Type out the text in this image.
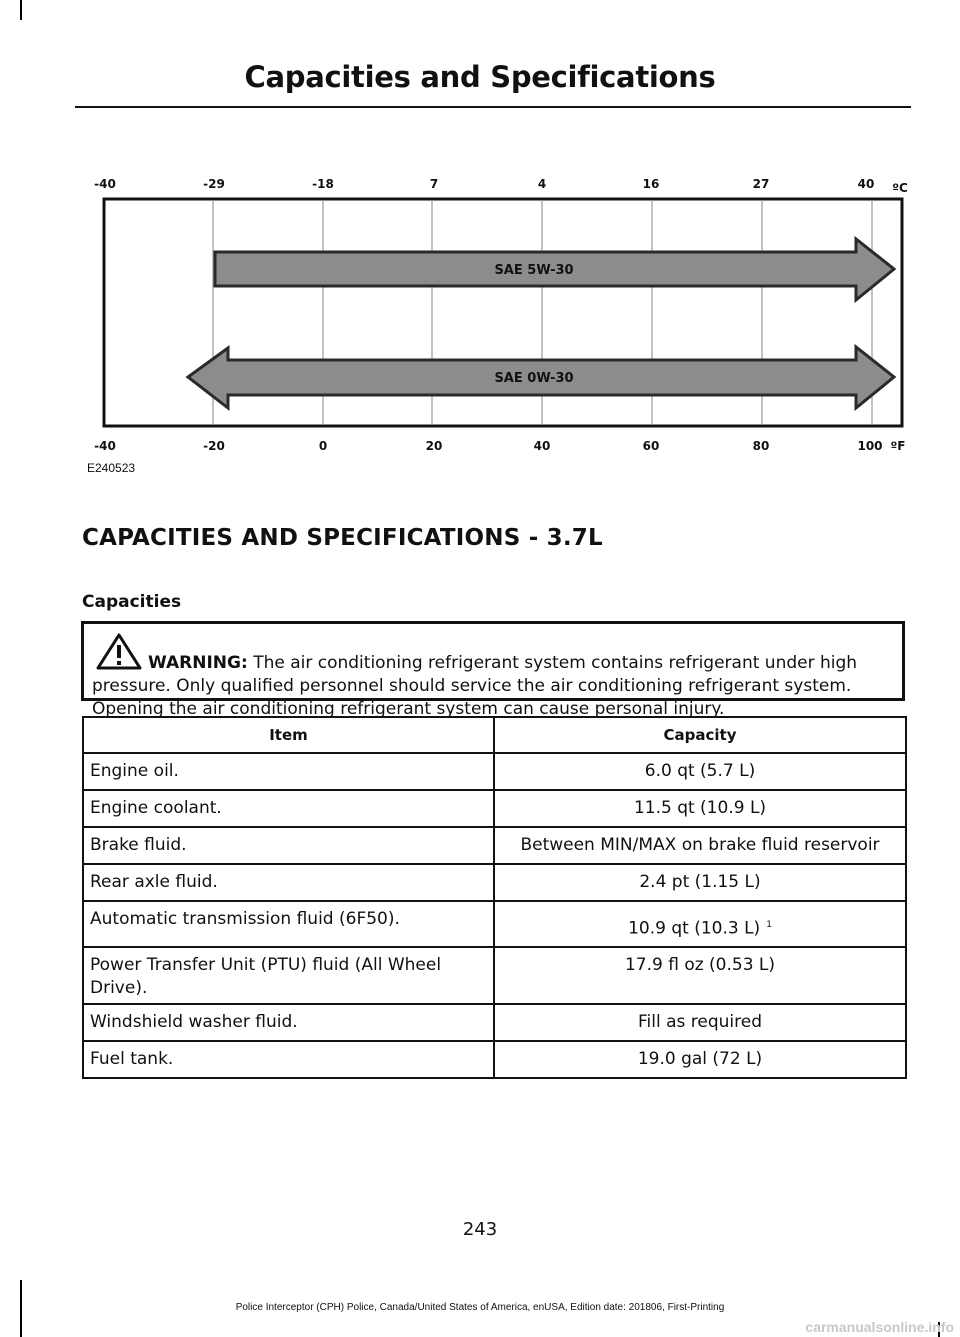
Capacities and Specifications
SAE 5W-30
SAE 0W-30
-40	-29	-18	7	4	16	27	40 ºC
-40	-20	0	20	40	60	80	100 ºF
E240523
CAPACITIES AND SPECIFICATIONS - 3.7L
Capacities

WARNING: The air conditioning refrigerant system contains refrigerant under high pressure. Only qualified personnel should service the air conditioning refrigerant system. Opening the air conditioning refrigerant system can cause personal injury.

Item	Capacity
Engine oil.	6.0 qt (5.7 L)
Engine coolant.	11.5 qt (10.9 L)
Brake fluid.	Between MIN/MAX on brake fluid reservoir
Rear axle fluid.	2.4 pt (1.15 L)
Automatic transmission fluid (6F50).	10.9 qt (10.3 L) $^1$
Power Transfer Unit (PTU) fluid (All Wheel Drive).	17.9 fl oz (0.53 L)
Windshield washer fluid.	Fill as required
Fuel tank.	19.0 gal (72 L)
243
Police Interceptor (CPH) Police, Canada/United States of America, enUSA, Edition date: 201806, First-Printing
carmanualsonline.info
